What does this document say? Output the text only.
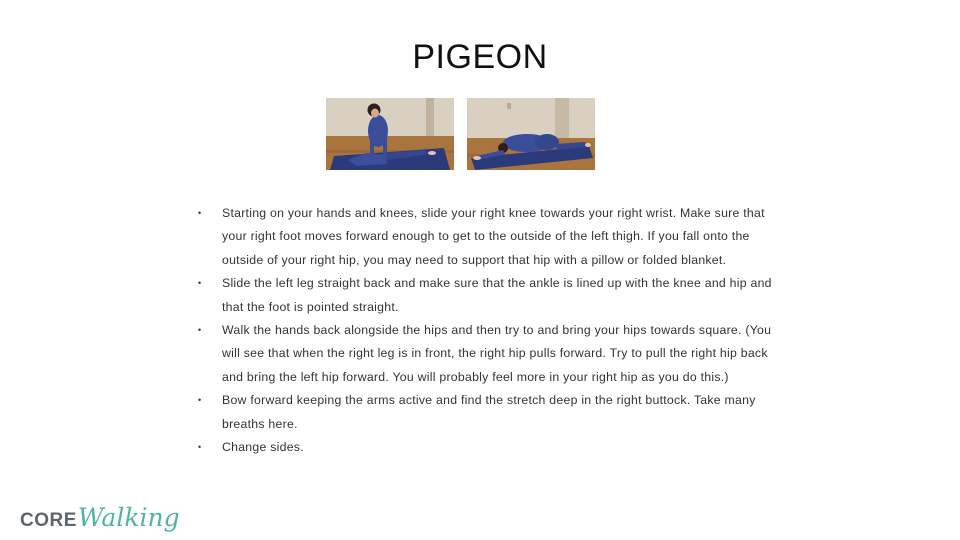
PIGEON
• Starting on your hands and knees, slide your right knee towards your right wrist. Make sure that your right foot moves forward enough to get to the outside of the left thigh. If you fall onto the outside of your right hip, you may need to support that hip with a pillow or folded blanket.
• Slide the left leg straight back and make sure that the ankle is lined up with the knee and hip and that the foot is pointed straight.
• Walk the hands back alongside the hips and then try to and bring your hips towards square. (You will see that when the right leg is in front, the right hip pulls forward. Try to pull the right hip back and bring the left hip forward. You will probably feel more in your right hip as you do this.)
• Bow forward keeping the arms active and find the stretch deep in the right buttock. Take many breaths here.
• Change sides.
CORE Walking
